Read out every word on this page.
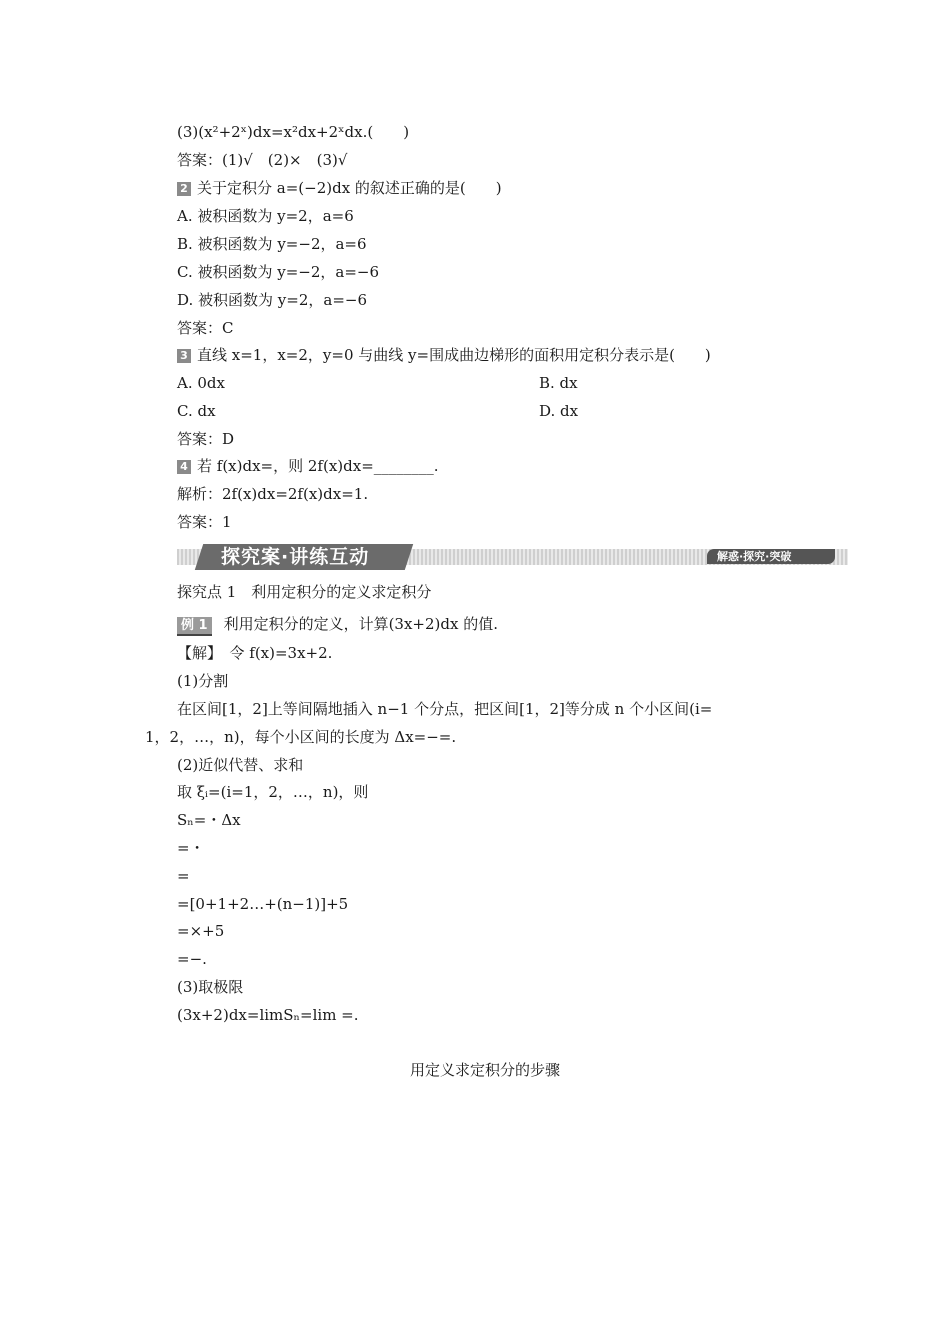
(3)(x²+2ˣ)dx=x²dx+2ˣdx.(　　)
答案：(1)√　(2)×　(3)√
2 关于定积分 a=(−2)dx 的叙述正确的是(　　)
A. 被积函数为 y=2，a=6
B. 被积函数为 y=−2，a=6
C. 被积函数为 y=−2，a=−6
D. 被积函数为 y=2，a=−6
答案：C
3 直线 x=1，x=2，y=0 与曲线 y=围成曲边梯形的面积用定积分表示是(　　)
A. 0dx	B. dx
C. dx	D. dx
答案：D
4 若 f(x)dx=，则 2f(x)dx=________.
解析：2f(x)dx=2f(x)dx=1.
答案：1
探究案·讲练互动	解惑·探究·突破
探究点 1　利用定积分的定义求定积分
例 1 利用定积分的定义，计算(3x+2)dx 的值.
【解】　令 f(x)=3x+2.
(1)分割
在区间[1，2]上等间隔地插入 n−1 个分点，把区间[1，2]等分成 n 个小区间(i=
1，2，…，n)，每个小区间的长度为 Δx=−=.
(2)近似代替、求和
取 ξᵢ=(i=1，2，…，n)，则
Sₙ=・Δx
=・
=
=[0+1+2…+(n−1)]+5
=×+5
=−.
(3)取极限
(3x+2)dx=limSₙ=lim =.
用定义求定积分的步骤
